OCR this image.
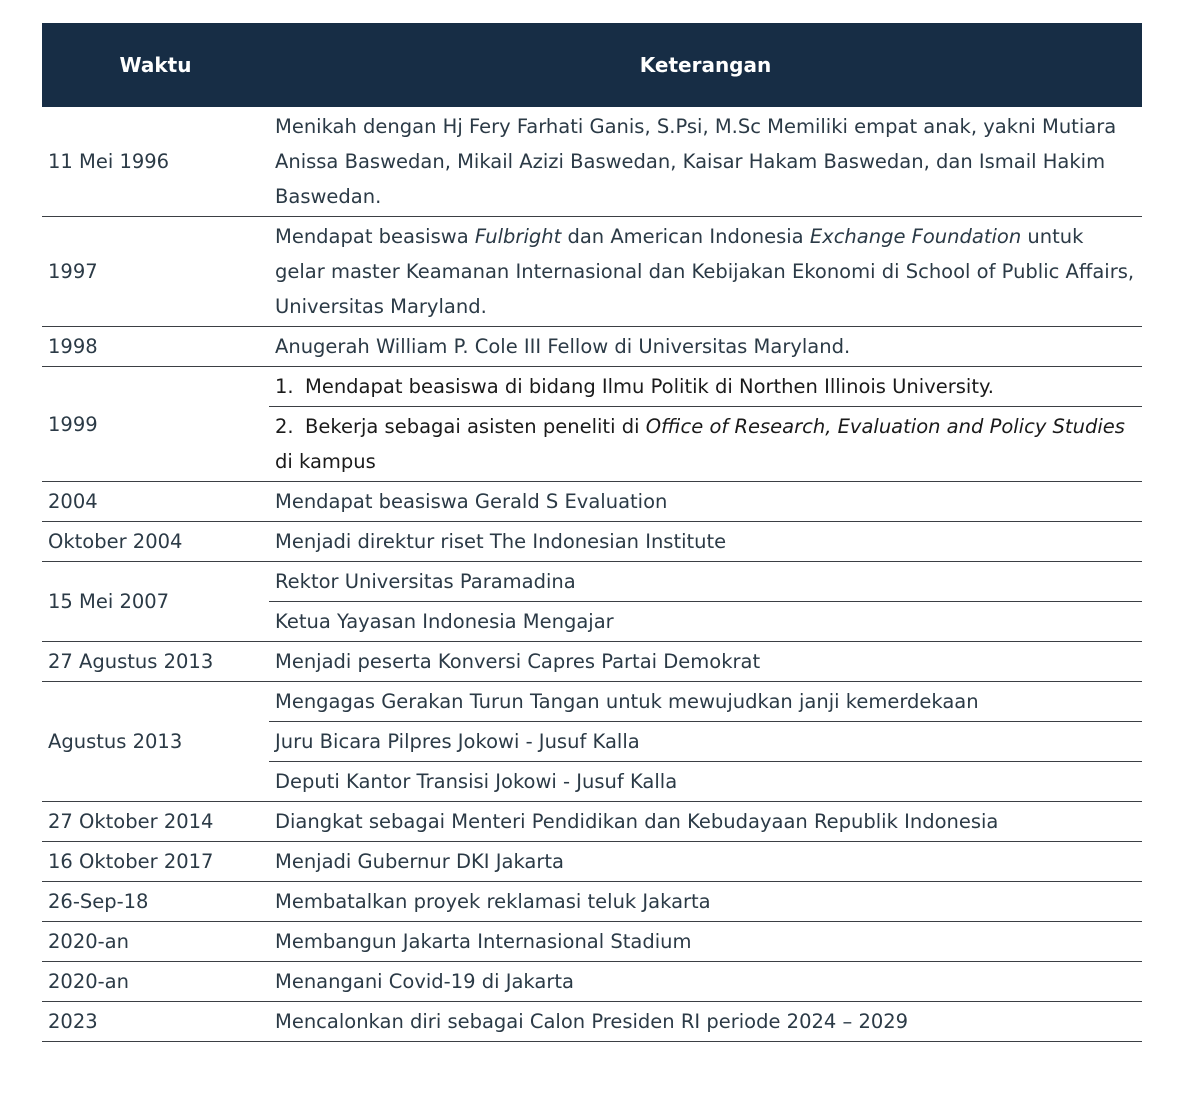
Waktu	Keterangan
11 Mei 1996	Menikah dengan Hj Fery Farhati Ganis, S.Psi, M.Sc Memiliki empat anak, yakni Mutiara Anissa Baswedan, Mikail Azizi Baswedan, Kaisar Hakam Baswedan, dan Ismail Hakim Baswedan.
1997	Mendapat beasiswa Fulbright dan American Indonesia Exchange Foundation untuk gelar master Keamanan Internasional dan Kebijakan Ekonomi di School of Public Affairs, Universitas Maryland.
1998	Anugerah William P. Cole III Fellow di Universitas Maryland.
1999	1. Mendapat beasiswa di bidang Ilmu Politik di Northen Illinois University.
	2. Bekerja sebagai asisten peneliti di Office of Research, Evaluation and Policy Studies di kampus
2004	Mendapat beasiswa Gerald S Evaluation
Oktober 2004	Menjadi direktur riset The Indonesian Institute
15 Mei 2007	Rektor Universitas Paramadina
	Ketua Yayasan Indonesia Mengajar
27 Agustus 2013	Menjadi peserta Konversi Capres Partai Demokrat
Agustus 2013	Mengagas Gerakan Turun Tangan untuk mewujudkan janji kemerdekaan
	Juru Bicara Pilpres Jokowi - Jusuf Kalla
	Deputi Kantor Transisi Jokowi - Jusuf Kalla
27 Oktober 2014	Diangkat sebagai Menteri Pendidikan dan Kebudayaan Republik Indonesia
16 Oktober 2017	Menjadi Gubernur DKI Jakarta
26-Sep-18	Membatalkan proyek reklamasi teluk Jakarta
2020-an	Membangun Jakarta Internasional Stadium
2020-an	Menangani Covid-19 di Jakarta
2023	Mencalonkan diri sebagai Calon Presiden RI periode 2024 – 2029
